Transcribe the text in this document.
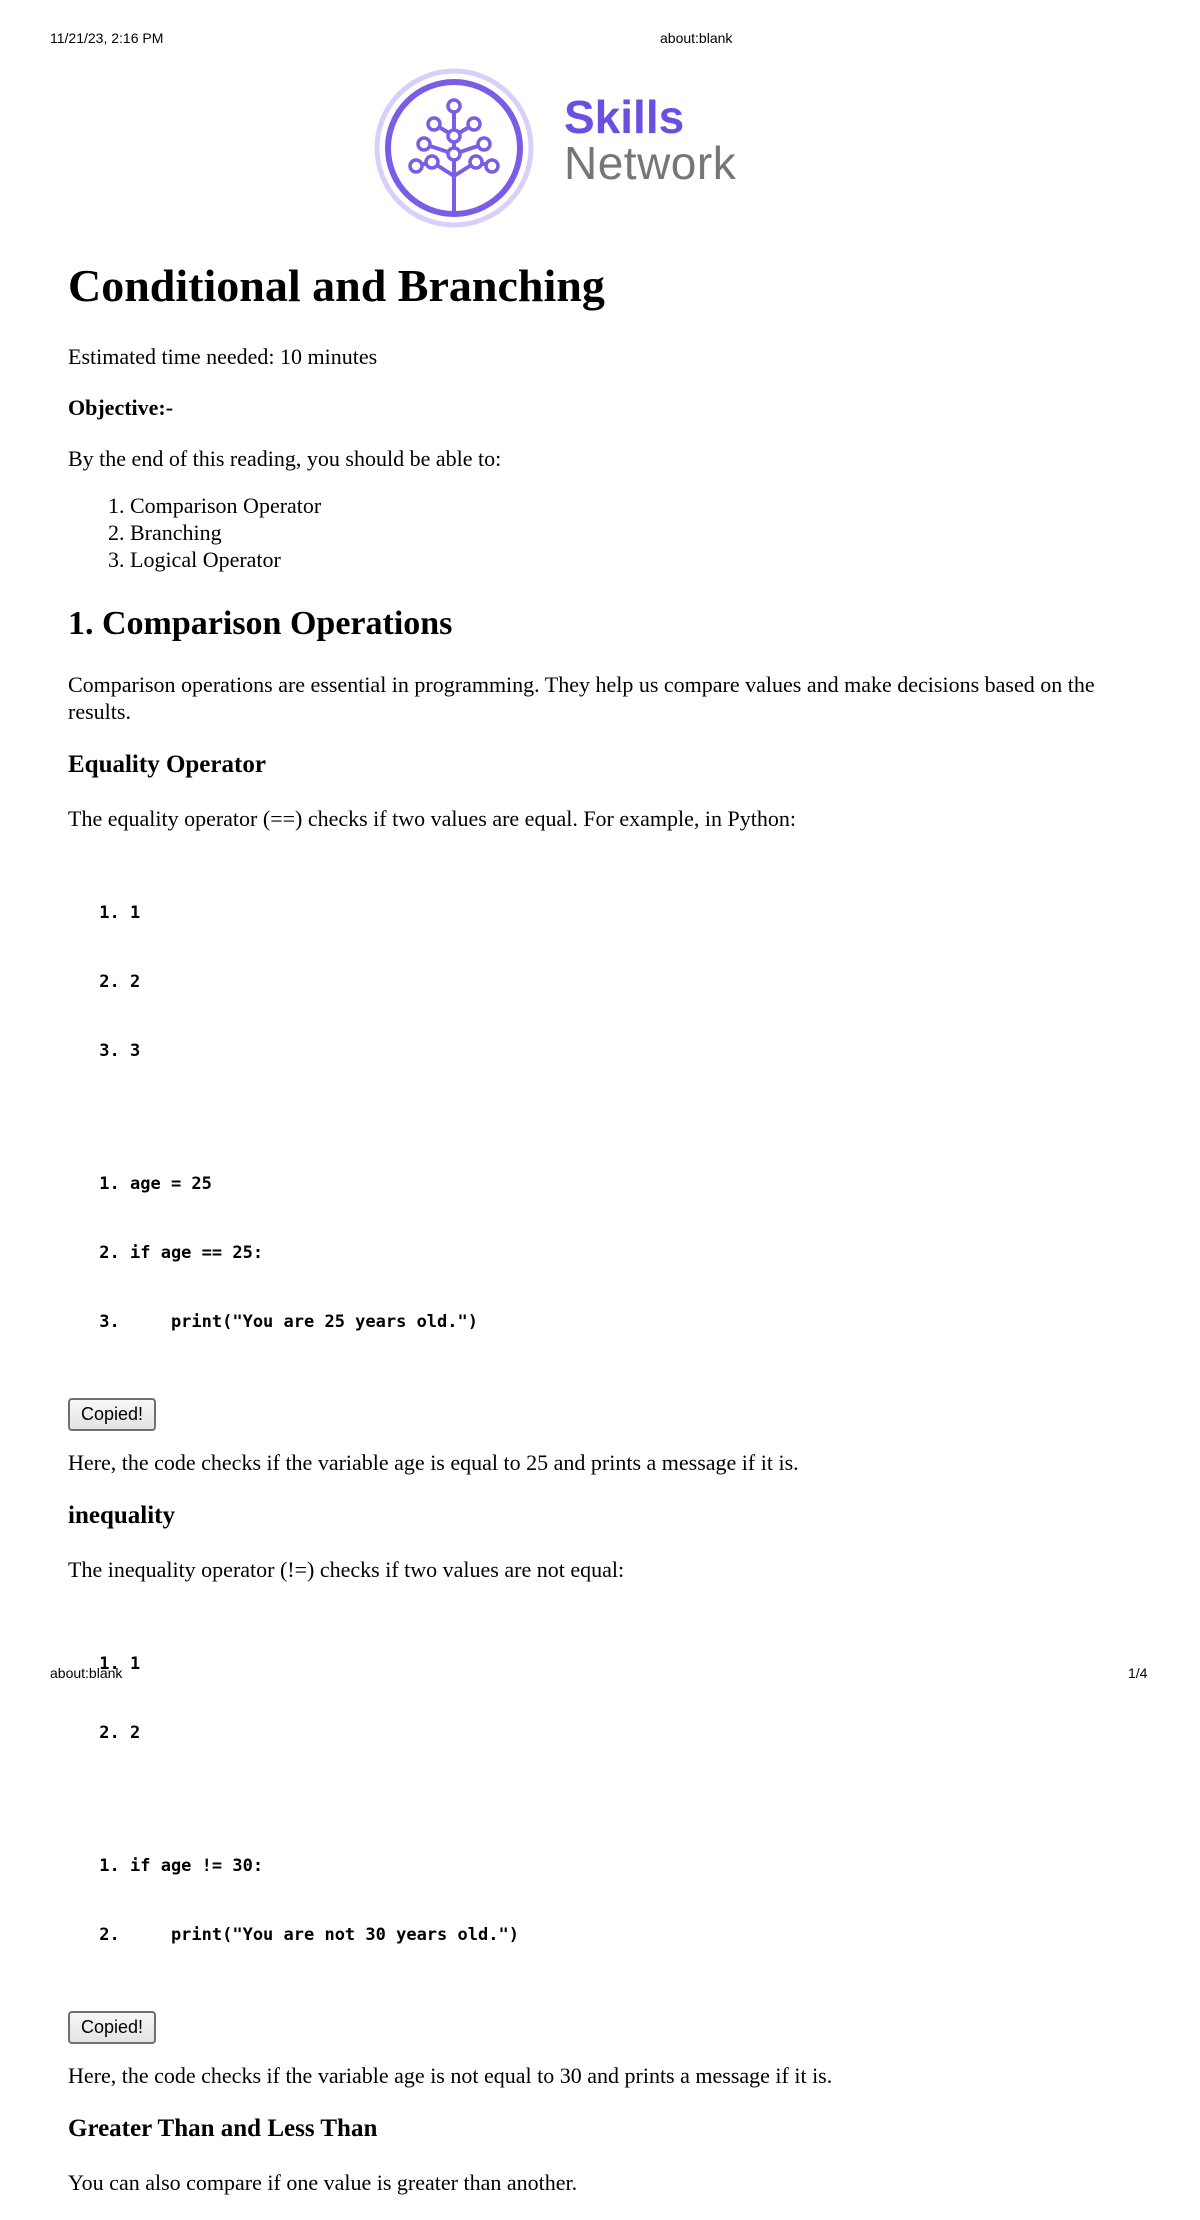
11/21/23, 2:16 PM	about:blank
Skills
Network
Conditional and Branching

Estimated time needed: 10 minutes

Objective:-

By the end of this reading, you should be able to:

1. Comparison Operator
2. Branching
3. Logical Operator
1. Comparison Operations

Comparison operations are essential in programming. They help us compare values and make decisions based on the results.

Equality Operator

The equality operator (==) checks if two values are equal. For example, in Python:

1. 1

2. 2

3. 3

1. age = 25

2. if age == 25:

3.     print("You are 25 years old.")

Copied!

Here, the code checks if the variable age is equal to 25 and prints a message if it is.

inequality

The inequality operator (!=) checks if two values are not equal:

1. 1

2. 2

1. if age != 30:

2.     print("You are not 30 years old.")

Copied!

Here, the code checks if the variable age is not equal to 30 and prints a message if it is.

Greater Than and Less Than

You can also compare if one value is greater than another.

about:blank	1/4
